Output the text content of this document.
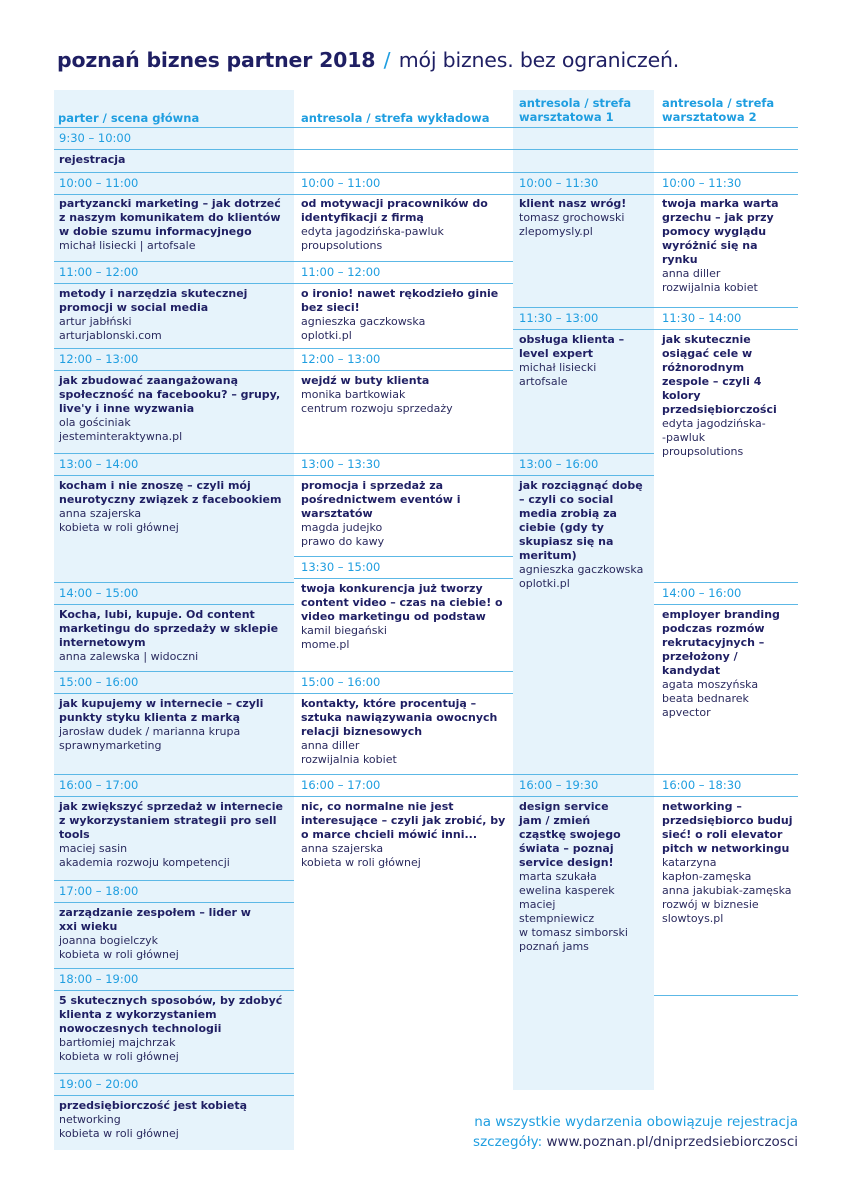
poznań biznes partner 2018 / mój biznes. bez ograniczeń.
parter / scena główna	antresola / strefa wykładowa
antresola / strefa warsztatowa 1
antresola / strefa warsztatowa 2
9:30 – 10:00
rejestracja
10:00 – 11:00
partyzancki marketing – jak dotrzeć z naszym komunikatem do klientów w dobie szumu informacyjnego
michał lisiecki | artofsale
11:00 – 12:00
metody i narzędzia skutecznej promocji w social media
artur jabłński
arturjablonski.com
12:00 – 13:00
jak zbudować zaangażowaną społeczność na facebooku? – grupy, live'y i inne wyzwania
ola gościniak
jesteminteraktywna.pl
13:00 – 14:00
kocham i nie znoszę – czyli mój neurotyczny związek z facebookiem
anna szajerska
kobieta w roli głównej
14:00 – 15:00
Kocha, lubi, kupuje. Od content marketingu do sprzedaży w sklepie internetowym
anna zalewska | widoczni
15:00 – 16:00
jak kupujemy w internecie – czyli punkty styku klienta z marką
jarosław dudek / marianna krupa
sprawnymarketing
16:00 – 17:00
jak zwiększyć sprzedaż w internecie z wykorzystaniem strategii pro sell tools
maciej sasin
akademia rozwoju kompetencji
17:00 – 18:00
zarządzanie zespołem – lider w xxi wieku
joanna bogielczyk
kobieta w roli głównej
18:00 – 19:00
5 skutecznych sposobów, by zdobyć klienta z wykorzystaniem nowoczesnych technologii
bartłomiej majchrzak
kobieta w roli głównej
19:00 – 20:00
przedsiębiorczość jest kobietą
networking
kobieta w roli głównej
10:00 – 11:00
od motywacji pracowników do identyfikacji z firmą
edyta jagodzińska-pawluk
proupsolutions
11:00 – 12:00
o ironio! nawet rękodzieło ginie bez sieci!
agnieszka gaczkowska
oplotki.pl
12:00 – 13:00
wejdź w buty klienta
monika bartkowiak
centrum rozwoju sprzedaży
13:00 – 13:30
promocja i sprzedaż za pośrednictwem eventów i warsztatów
magda judejko
prawo do kawy
13:30 – 15:00
twoja konkurencja już tworzy content video – czas na ciebie! o video marketingu od podstaw
kamil biegański
mome.pl
15:00 – 16:00
kontakty, które procentują – sztuka nawiązywania owocnych relacji biznesowych
anna diller
rozwijalnia kobiet
16:00 – 17:00
nic, co normalne nie jest interesujące – czyli jak zrobić, by o marce chcieli mówić inni...
anna szajerska
kobieta w roli głównej
10:00 – 11:30
klient nasz wróg!
tomasz grochowski
zlepomysly.pl
11:30 – 13:00
obsługa klienta – level expert
michał lisiecki
artofsale
13:00 – 16:00
jak rozciągnąć dobę – czyli co social media zrobią za ciebie (gdy ty skupiasz się na meritum)
agnieszka gaczkowska
oplotki.pl
16:00 – 19:30
design service jam / zmień cząstkę swojego świata – poznaj service design!
marta szukała
ewelina kasperek
maciej stempniewicz
w tomasz simborski
poznań jams
10:00 – 11:30
twoja marka warta grzechu – jak przy pomocy wyglądu wyróżnić się na rynku
anna diller
rozwijalnia kobiet
11:30 – 14:00
jak skutecznie osiągać cele w różnorodnym zespole – czyli 4 kolory przedsiębiorczości
edyta jagodzińska-
-pawluk
proupsolutions
14:00 – 16:00
employer branding podczas rozmów rekrutacyjnych – przełożony / kandydat
agata moszyńska
beata bednarek
apvector
16:00 – 18:30
networking – przedsiębiorco buduj sieć! o roli elevator pitch w networkingu
katarzyna
kapłon-zamęska
anna jakubiak-zamęska
rozwój w biznesie
slowtoys.pl
na wszystkie wydarzenia obowiązuje rejestracja
szczegóły: www.poznan.pl/dniprzedsiebiorczosci
